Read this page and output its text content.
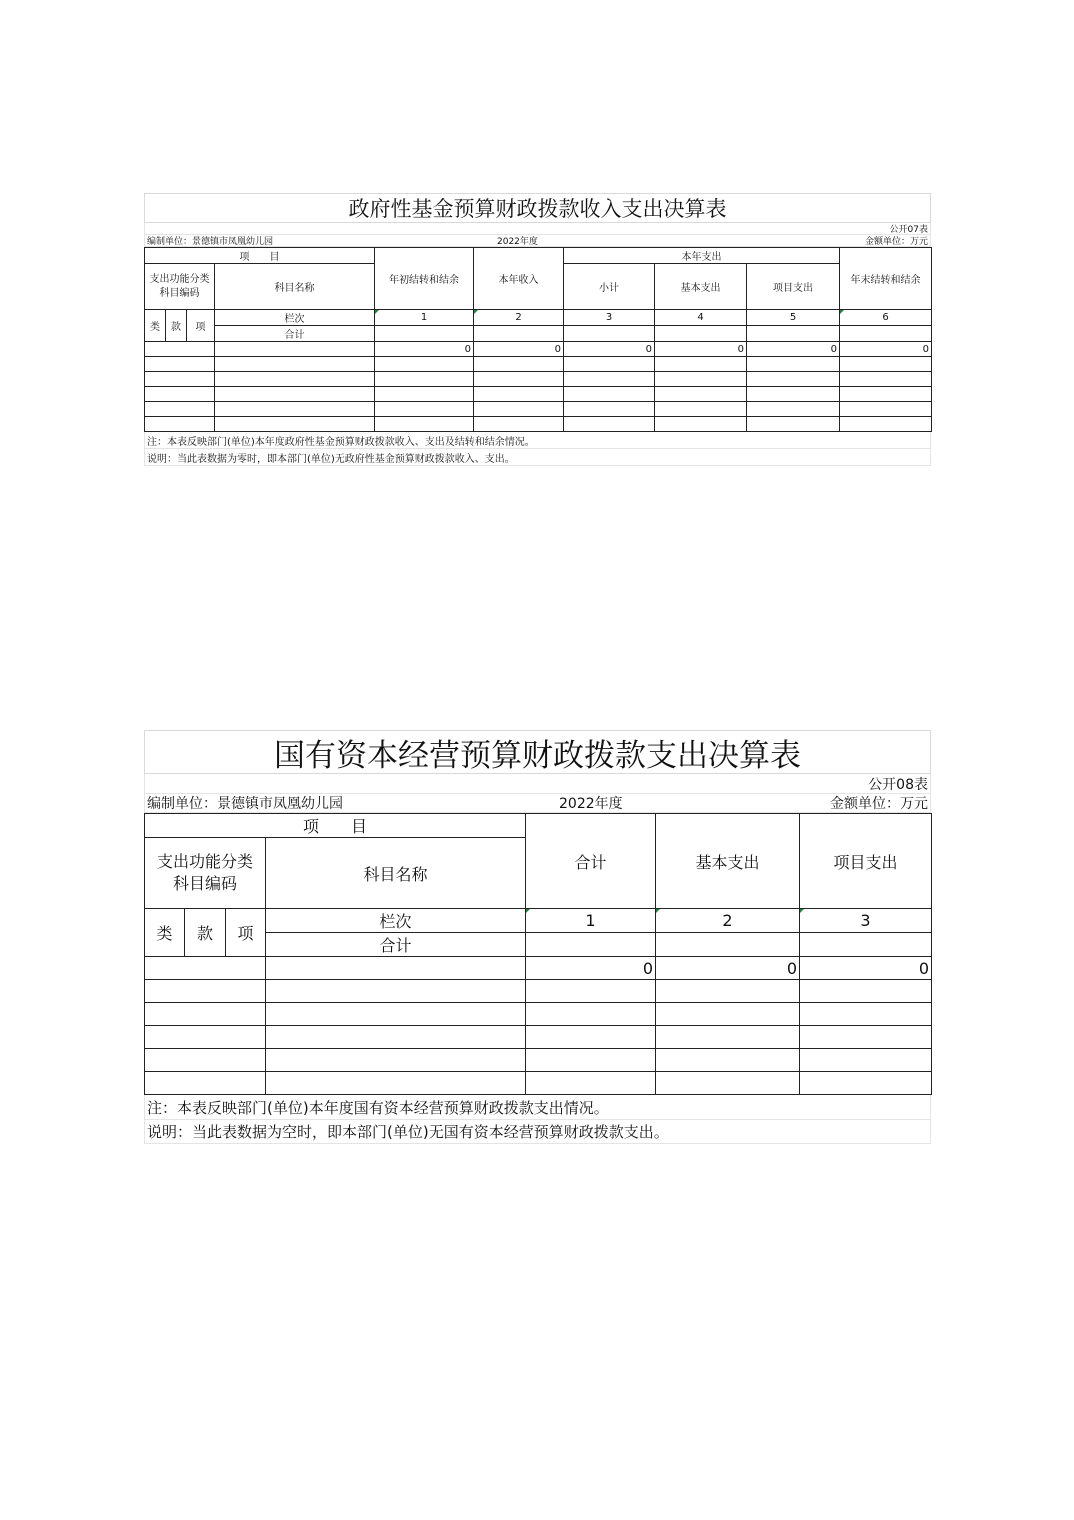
政府性基金预算财政拨款收入支出决算表
公开07表
编制单位：景德镇市凤凰幼儿园	2022年度	金额单位：万元
项　　目				年初结转和结余	本年收入	本年支出			年末结转和结余
支出功能分类科目编码			科目名称			小计	基本支出	项目支出	
类	款	项	栏次	1	2	3	4	5	6
			合计						
				0	0	0	0	0	0

注：本表反映部门(单位)本年度政府性基金预算财政拨款收入、支出及结转和结余情况。
说明：当此表数据为零时，即本部门(单位)无政府性基金预算财政拨款收入、支出。
国有资本经营预算财政拨款支出决算表
公开08表
编制单位：景德镇市凤凰幼儿园	2022年度	金额单位：万元
项　　目				合计	基本支出	项目支出

支出功能分类
科目编码			科目名称			
类	款	项	栏次	1	2	3
			合计			
				0	0	0

注：本表反映部门(单位)本年度国有资本经营预算财政拨款支出情况。
说明：当此表数据为空时，即本部门(单位)无国有资本经营预算财政拨款支出。
